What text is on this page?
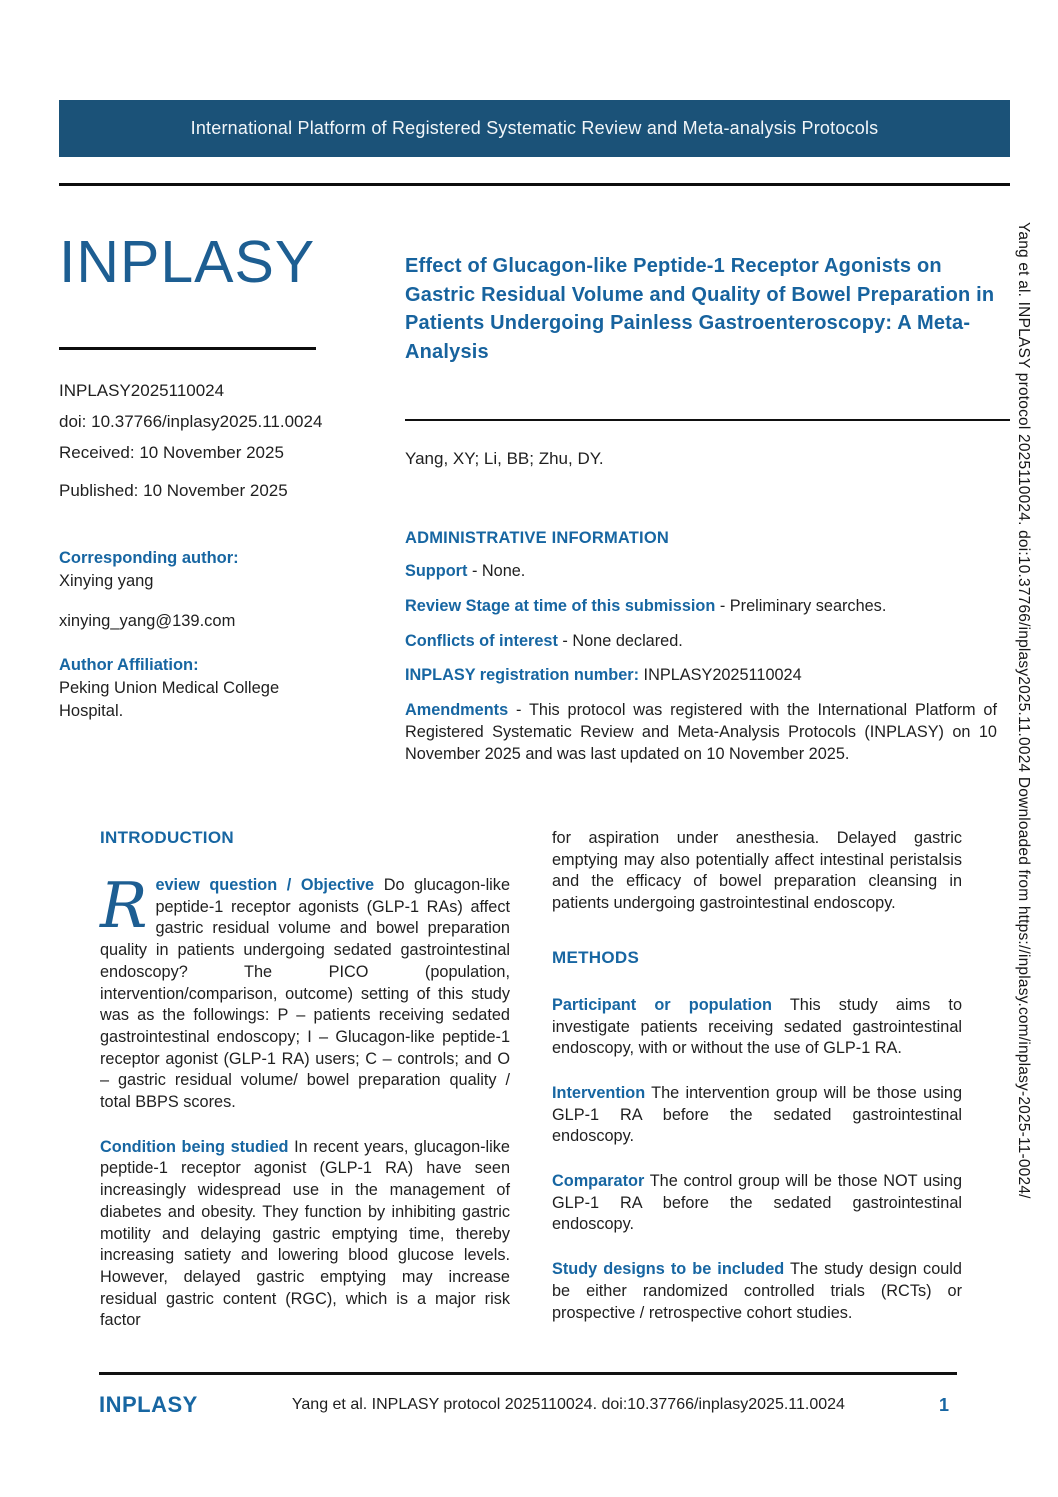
International Platform of Registered Systematic Review and Meta-analysis Protocols
INPLASY
INPLASY2025110024
doi: 10.37766/inplasy2025.11.0024
Received: 10 November 2025
Published: 10 November 2025
Corresponding author:
Xinying yang
xinying_yang@139.com
Author Affiliation:
Peking Union Medical College Hospital.
Effect of Glucagon-like Peptide-1 Receptor Agonists on Gastric Residual Volume and Quality of Bowel Preparation in Patients Undergoing Painless Gastroenteroscopy: A Meta-Analysis
Yang, XY; Li, BB; Zhu, DY.
ADMINISTRATIVE INFORMATION
Support - None.
Review Stage at time of this submission - Preliminary searches.
Conflicts of interest - None declared.
INPLASY registration number: INPLASY2025110024
Amendments - This protocol was registered with the International Platform of Registered Systematic Review and Meta-Analysis Protocols (INPLASY) on 10 November 2025 and was last updated on 10 November 2025.
INTRODUCTION
R eview question / Objective Do glucagon-like peptide-1 receptor agonists (GLP-1 RAs) affect gastric residual volume and bowel preparation quality in patients undergoing sedated gastrointestinal endoscopy? The PICO (population, intervention/comparison, outcome) setting of this study was as the followings: P – patients receiving sedated gastrointestinal endoscopy; I – Glucagon-like peptide-1 receptor agonist (GLP-1 RA) users; C – controls; and O – gastric residual volume/ bowel preparation quality / total BBPS scores.
Condition being studied In recent years, glucagon-like peptide-1 receptor agonist (GLP-1 RA) have seen increasingly widespread use in the management of diabetes and obesity. They function by inhibiting gastric motility and delaying gastric emptying time, thereby increasing satiety and lowering blood glucose levels. However, delayed gastric emptying may increase residual gastric content (RGC), which is a major risk factor
for aspiration under anesthesia. Delayed gastric emptying may also potentially affect intestinal peristalsis and the efficacy of bowel preparation cleansing in patients undergoing gastrointestinal endoscopy.
METHODS
Participant or population This study aims to investigate patients receiving sedated gastrointestinal endoscopy, with or without the use of GLP-1 RA.
Intervention The intervention group will be those using GLP-1 RA before the sedated gastrointestinal endoscopy.
Comparator The control group will be those NOT using GLP-1 RA before the sedated gastrointestinal endoscopy.
Study designs to be included The study design could be either randomized controlled trials (RCTs) or prospective / retrospective cohort studies.
INPLASY	Yang et al. INPLASY protocol 2025110024. doi:10.37766/inplasy2025.11.0024	1
Yang et al. INPLASY protocol 2025110024. doi:10.37766/inplasy2025.11.0024 Downloaded from https://inplasy.com/inplasy-2025-11-0024/
